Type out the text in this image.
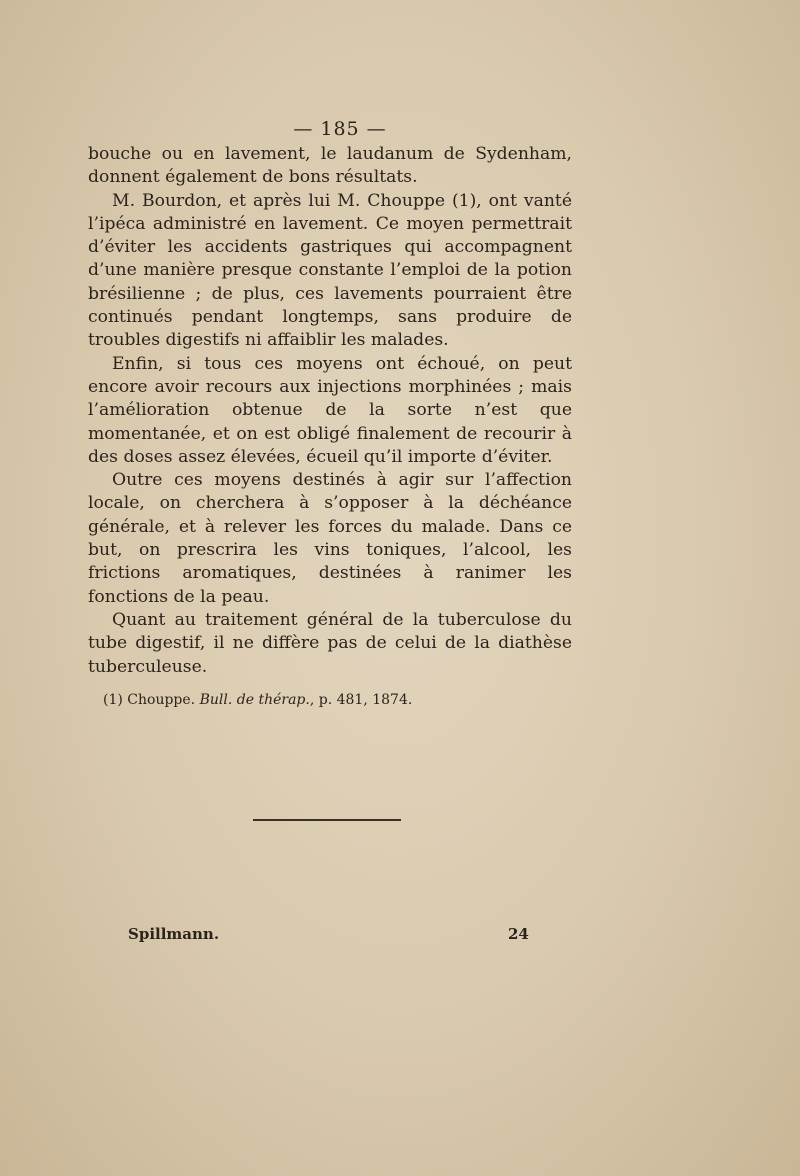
— 185 —

bouche ou en lavement, le laudanum de Sydenham, donnent également de bons résultats.

M. Bourdon, et après lui M. Chouppe (1), ont vanté l’ipéca administré en lavement. Ce moyen permettrait d’éviter les accidents gastriques qui accompagnent d’une manière presque constante l’emploi de la potion brésilienne ; de plus, ces lavements pourraient être continués pendant longtemps, sans produire de troubles digestifs ni affaiblir les malades.

Enfin, si tous ces moyens ont échoué, on peut encore avoir recours aux injections morphinées ; mais l’amélioration obtenue de la sorte n’est que momentanée, et on est obligé finalement de recourir à des doses assez élevées, écueil qu’il importe d’éviter.

Outre ces moyens destinés à agir sur l’affection locale, on cherchera à s’opposer à la déchéance générale, et à relever les forces du malade. Dans ce but, on prescrira les vins toniques, l’alcool, les frictions aromatiques, destinées à ranimer les fonctions de la peau.

Quant au traitement général de la tuberculose du tube digestif, il ne diffère pas de celui de la diathèse tuberculeuse.

(1) Chouppe. Bull. de thérap., p. 481, 1874.
Spillmann.	24
